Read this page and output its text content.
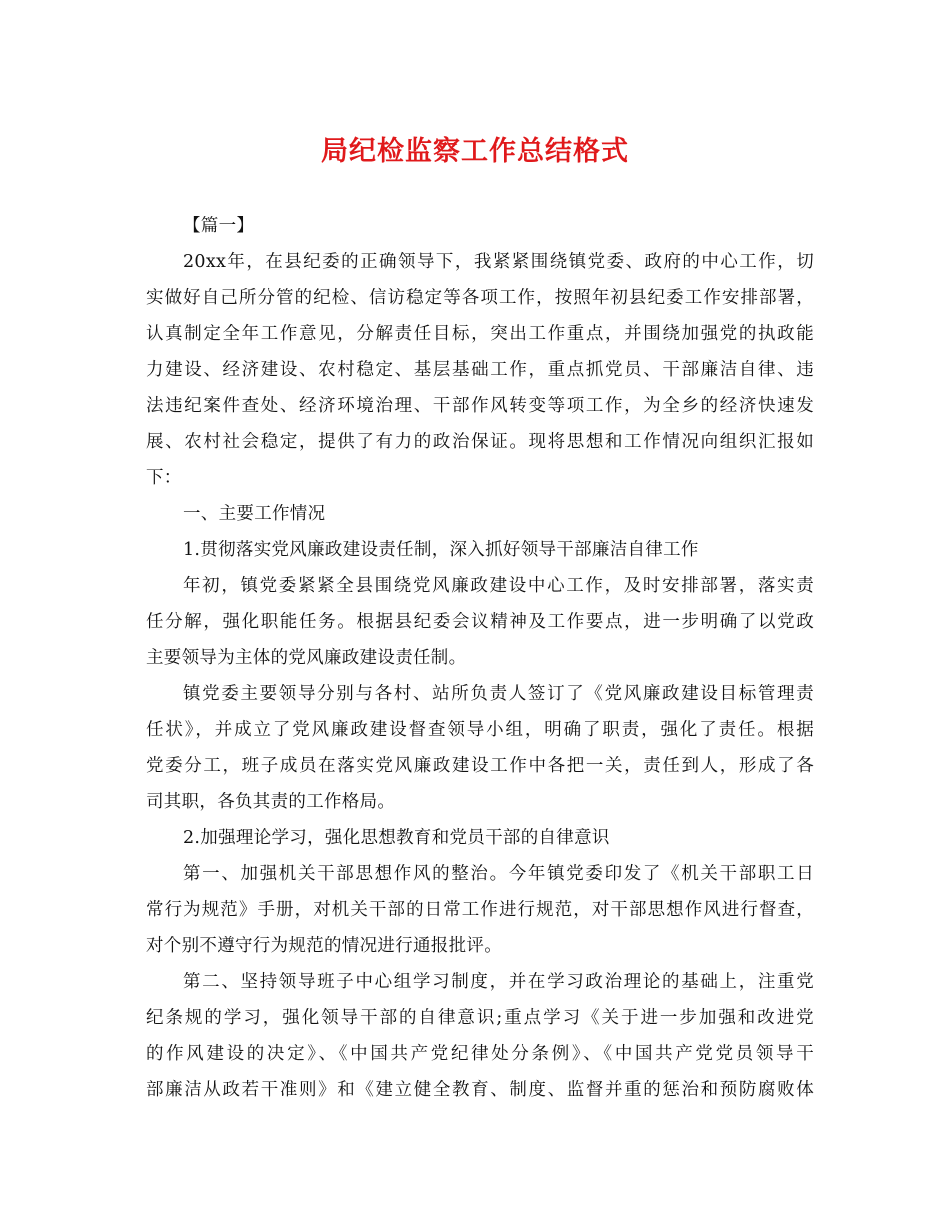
局纪检监察工作总结格式
【篇一】
20xx年，在县纪委的正确领导下，我紧紧围绕镇党委、政府的中心工作，切
实做好自己所分管的纪检、信访稳定等各项工作，按照年初县纪委工作安排部署，
认真制定全年工作意见，分解责任目标，突出工作重点，并围绕加强党的执政能
力建设、经济建设、农村稳定、基层基础工作，重点抓党员、干部廉洁自律、违
法违纪案件查处、经济环境治理、干部作风转变等项工作，为全乡的经济快速发
展、农村社会稳定，提供了有力的政治保证。现将思想和工作情况向组织汇报如
下：
一、主要工作情况
1.贯彻落实党风廉政建设责任制，深入抓好领导干部廉洁自律工作
年初，镇党委紧紧全县围绕党风廉政建设中心工作，及时安排部署，落实责
任分解，强化职能任务。根据县纪委会议精神及工作要点，进一步明确了以党政
主要领导为主体的党风廉政建设责任制。
镇党委主要领导分别与各村、站所负责人签订了《党风廉政建设目标管理责
任状》，并成立了党风廉政建设督查领导小组，明确了职责，强化了责任。根据
党委分工，班子成员在落实党风廉政建设工作中各把一关，责任到人，形成了各
司其职，各负其责的工作格局。
2.加强理论学习，强化思想教育和党员干部的自律意识
第一、加强机关干部思想作风的整治。今年镇党委印发了《机关干部职工日
常行为规范》手册，对机关干部的日常工作进行规范，对干部思想作风进行督查，
对个别不遵守行为规范的情况进行通报批评。
第二、坚持领导班子中心组学习制度，并在学习政治理论的基础上，注重党
纪条规的学习，强化领导干部的自律意识;重点学习《关于进一步加强和改进党
的作风建设的决定》、《中国共产党纪律处分条例》、《中国共产党党员领导干
部廉洁从政若干准则》和《建立健全教育、制度、监督并重的惩治和预防腐败体
